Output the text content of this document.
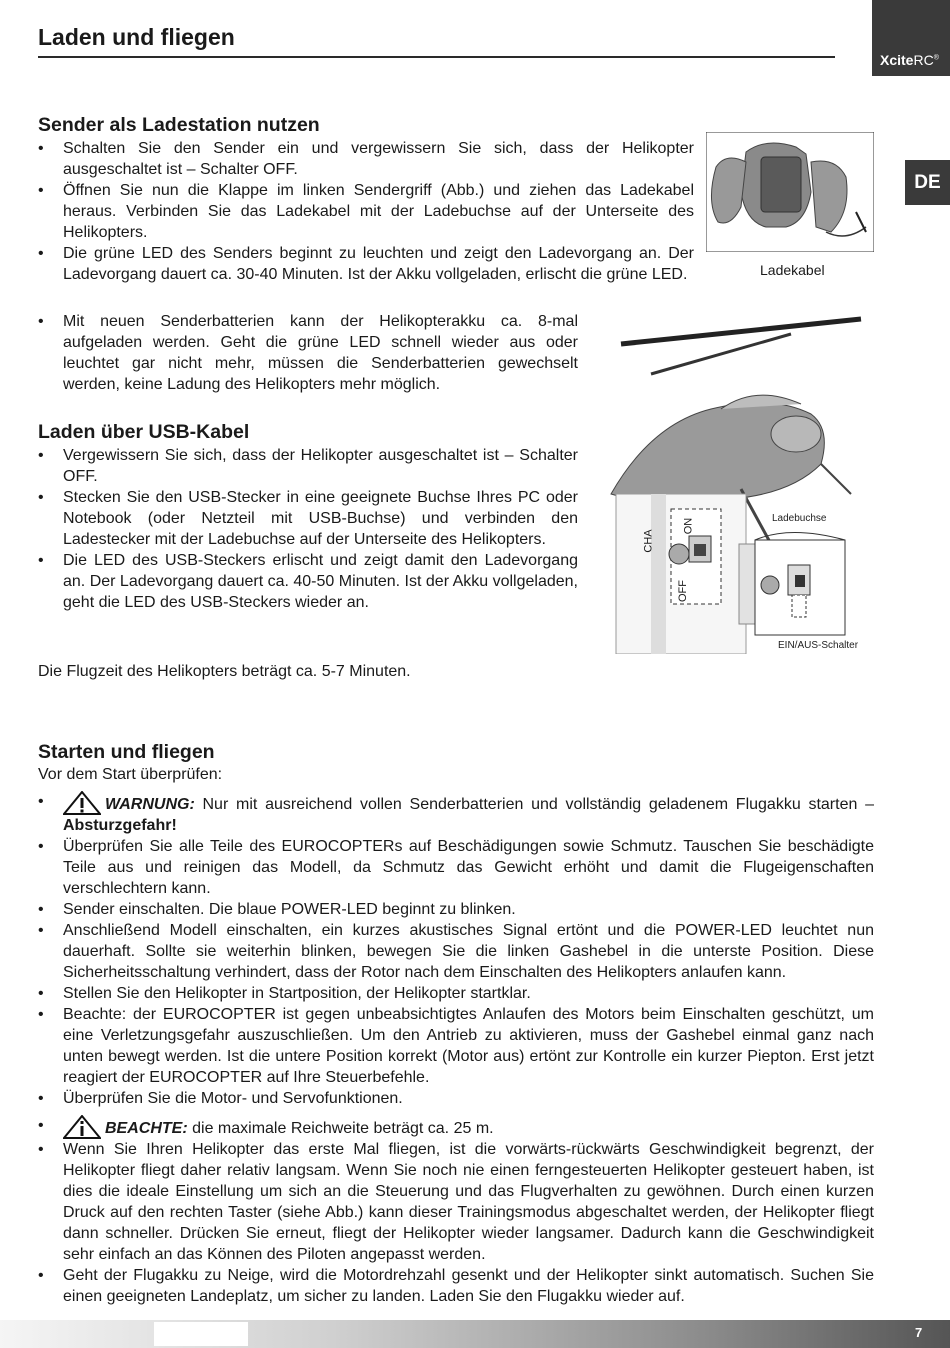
Laden und fliegen
XciteRC®
DE
Sender als Ladestation nutzen
• Schalten Sie den Sender ein und vergewissern Sie sich, dass der Helikopter ausgeschaltet ist – Schalter OFF.
• Öffnen Sie nun die Klappe im linken Sendergriff (Abb.) und ziehen das Ladekabel heraus. Verbinden Sie das Ladekabel mit der Ladebuchse auf der Unterseite des Helikopters.
• Die grüne LED des Senders beginnt zu leuchten und zeigt den Ladevorgang an. Der Ladevorgang dauert ca. 30-40 Minuten. Ist der Akku vollgeladen, erlischt die grüne LED.
• Mit neuen Senderbatterien kann der Helikopterakku ca. 8-mal aufgeladen werden. Geht die grüne LED schnell wieder aus oder leuchtet gar nicht mehr, müssen die Senderbatterien gewechselt werden, keine Ladung des Helikopters mehr möglich.
Ladekabel
CHA
ON
OFF
Ladebuchse
EIN/AUS-Schalter
Laden über USB-Kabel
• Vergewissern Sie sich, dass der Helikopter ausgeschaltet ist – Schalter OFF.
• Stecken Sie den USB-Stecker in eine geeignete Buchse Ihres PC oder Notebook (oder Netzteil mit USB-Buchse) und verbinden den Ladestecker mit der Ladebuchse auf der Unterseite des Helikopters.
• Die LED des USB-Steckers erlischt und zeigt damit den Ladevorgang an. Der Ladevorgang dauert ca. 40-50 Minuten. Ist der Akku vollgeladen, geht die LED des USB-Steckers wieder an.
Die Flugzeit des Helikopters beträgt ca. 5-7 Minuten.
Starten und fliegen
Vor dem Start überprüfen:
• WARNUNG: Nur mit ausreichend vollen Senderbatterien und vollständig geladenem Flugakku starten – Absturzgefahr!
• Überprüfen Sie alle Teile des EUROCOPTERs auf Beschädigungen sowie Schmutz. Tauschen Sie beschädigte Teile aus und reinigen das Modell, da Schmutz das Gewicht erhöht und damit die Flugeigenschaften verschlechtern kann.
• Sender einschalten. Die blaue POWER-LED beginnt zu blinken.
• Anschließend Modell einschalten, ein kurzes akustisches Signal ertönt und die POWER-LED leuchtet nun dauerhaft. Sollte sie weiterhin blinken, bewegen Sie die linken Gashebel in die unterste Position. Diese Sicherheitsschaltung verhindert, dass der Rotor nach dem Einschalten des Helikopters anlaufen kann.
• Stellen Sie den Helikopter in Startposition, der Helikopter startklar.
• Beachte: der EUROCOPTER ist gegen unbeabsichtigtes Anlaufen des Motors beim Einschalten geschützt, um eine Verletzungsgefahr auszuschließen. Um den Antrieb zu aktivieren, muss der Gashebel einmal ganz nach unten bewegt werden. Ist die untere Position korrekt (Motor aus) ertönt zur Kontrolle ein kurzer Piepton. Erst jetzt reagiert der EUROCOPTER auf Ihre Steuerbefehle.
• Überprüfen Sie die Motor- und Servofunktionen.
• BEACHTE: die maximale Reichweite beträgt ca. 25 m.
• Wenn Sie Ihren Helikopter das erste Mal fliegen, ist die vorwärts-rückwärts Geschwindigkeit begrenzt, der Helikopter fliegt daher relativ langsam. Wenn Sie noch nie einen ferngesteuerten Helikopter gesteuert haben, ist dies die ideale Einstellung um sich an die Steuerung und das Flugverhalten zu gewöhnen. Durch einen kurzen Druck auf den rechten Taster (siehe Abb.) kann dieser Trainingsmodus abgeschaltet werden, der Helikopter fliegt dann schneller. Drücken Sie erneut, fliegt der Helikopter wieder langsamer. Dadurch kann die Geschwindigkeit sehr einfach an das Können des Piloten angepasst werden.
• Geht der Flugakku zu Neige, wird die Motordrehzahl gesenkt und der Helikopter sinkt automatisch. Suchen Sie einen geeigneten Landeplatz, um sicher zu landen. Laden Sie den Flugakku wieder auf.
7
